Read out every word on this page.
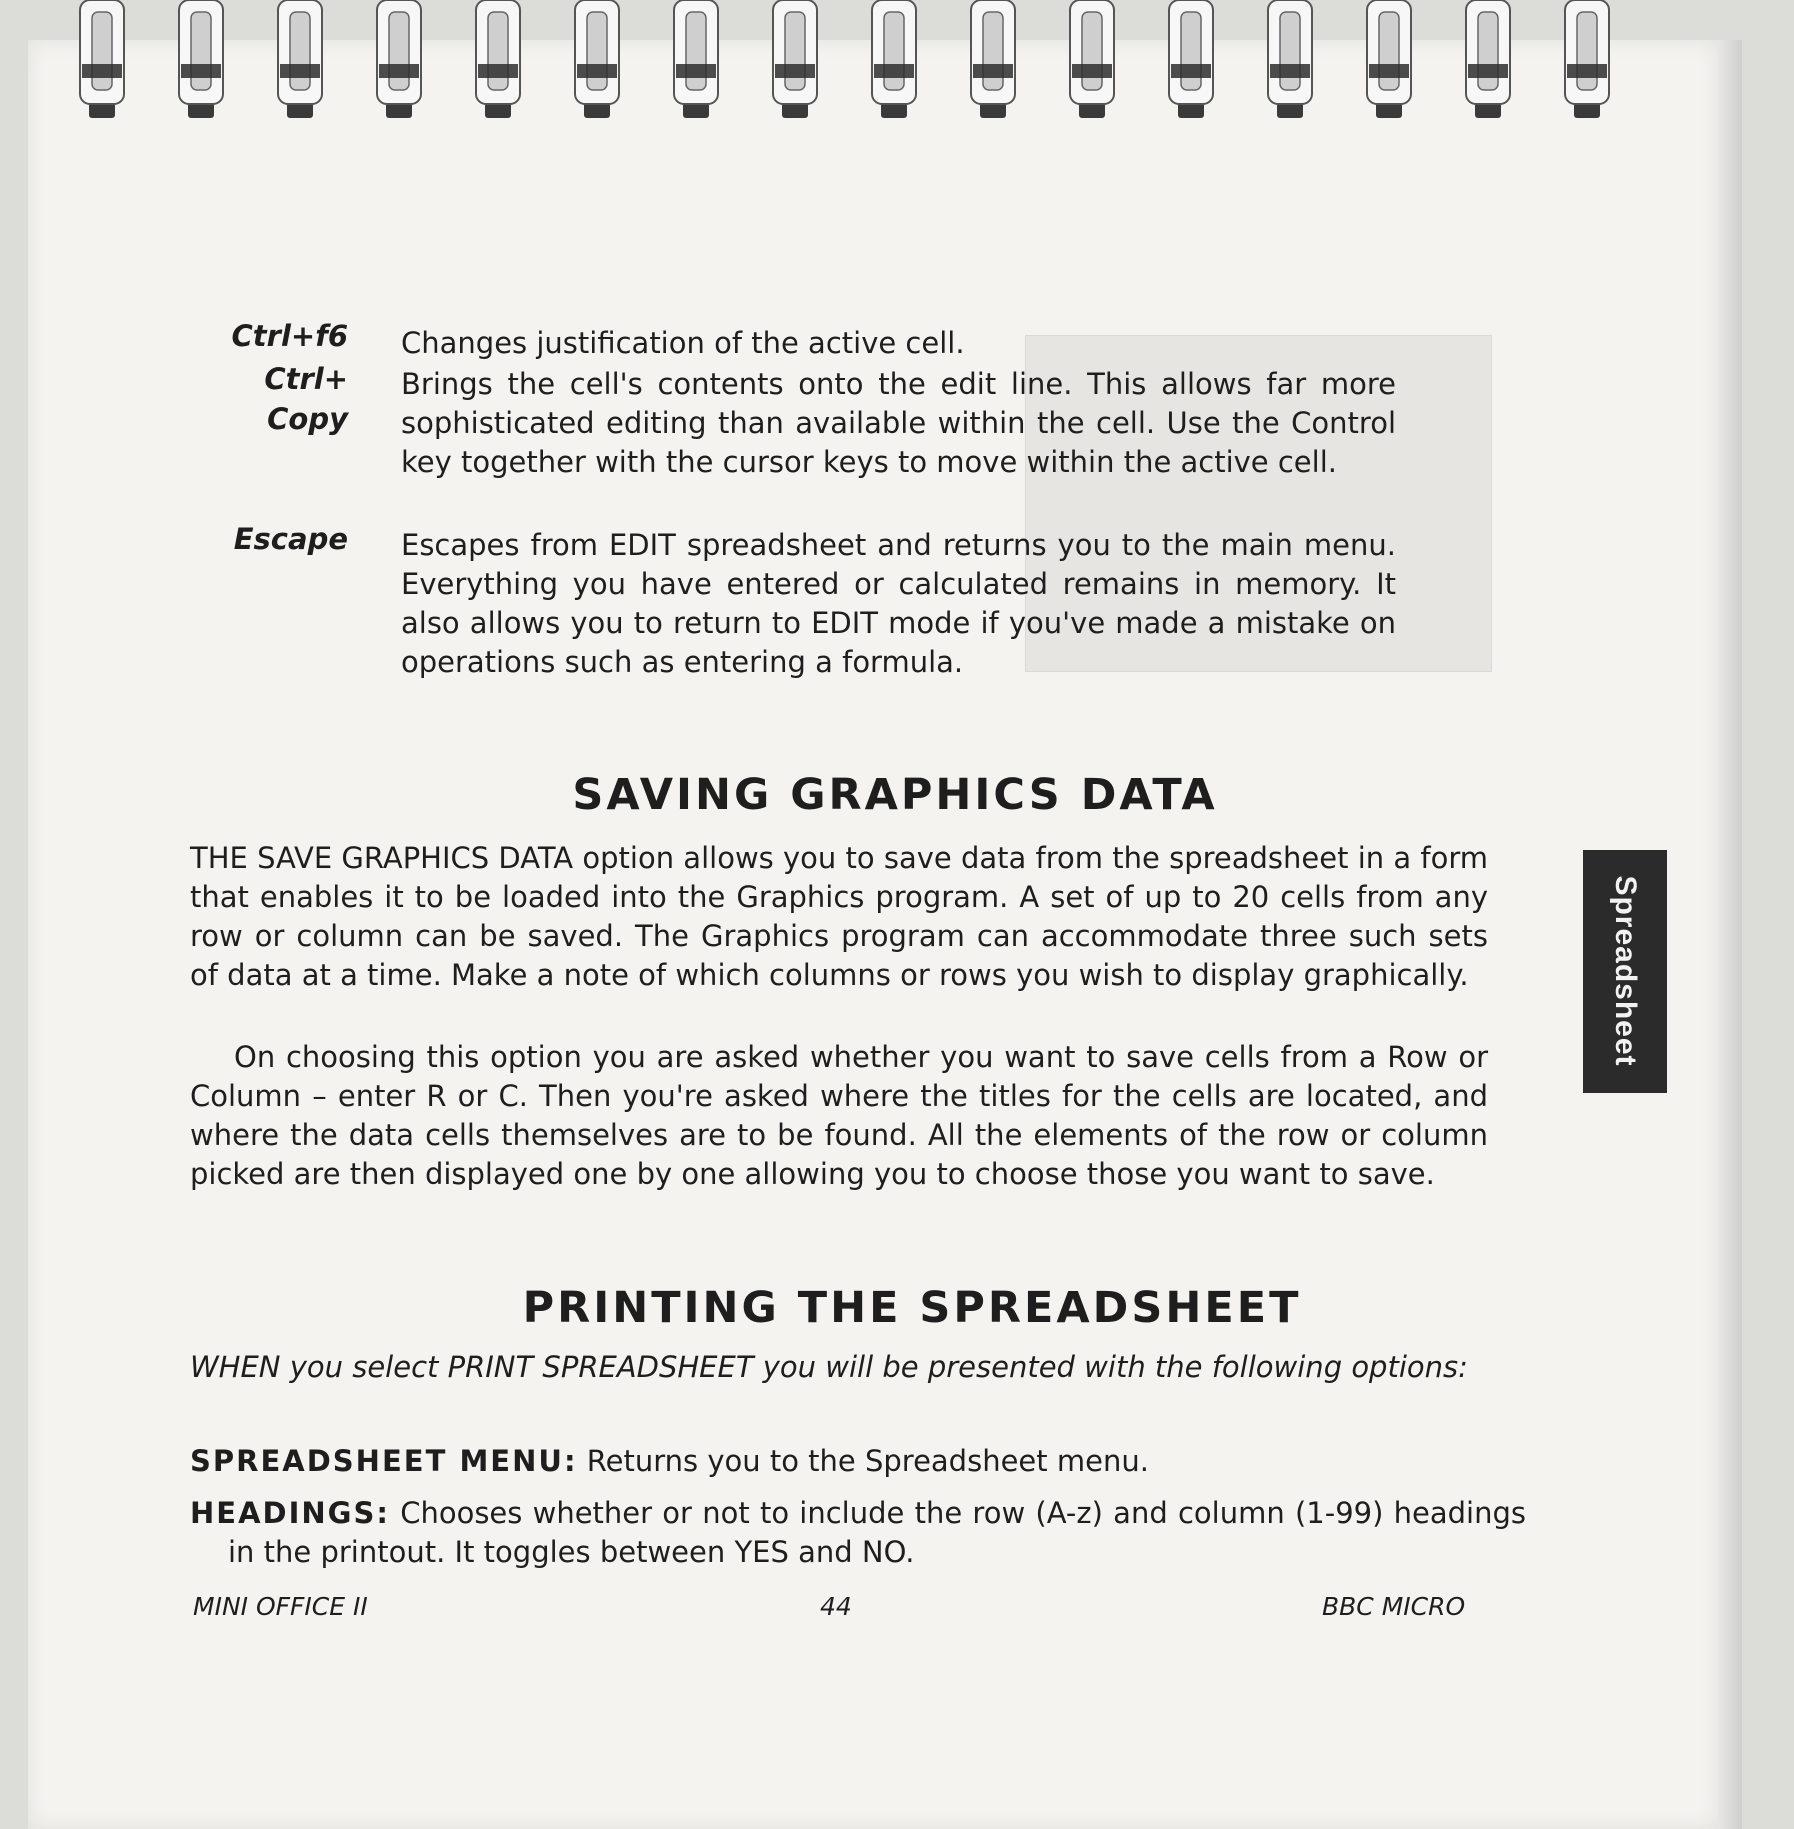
Ctrl+f6 Changes justification of the active cell.
Ctrl+
Copy
Brings the cell's contents onto the edit line. This allows far more sophisticated editing than available within the cell. Use the Control key together with the cursor keys to move within the active cell.
Escape Escapes from EDIT spreadsheet and returns you to the main menu. Everything you have entered or calculated remains in memory. It also allows you to return to EDIT mode if you've made a mistake on operations such as entering a formula.
SAVING GRAPHICS DATA
THE SAVE GRAPHICS DATA option allows you to save data from the spreadsheet in a form that enables it to be loaded into the Graphics program. A set of up to 20 cells from any row or column can be saved. The Graphics program can accommodate three such sets of data at a time. Make a note of which columns or rows you wish to display graphically.
On choosing this option you are asked whether you want to save cells from a Row or Column – enter R or C. Then you're asked where the titles for the cells are located, and where the data cells themselves are to be found. All the elements of the row or column picked are then displayed one by one allowing you to choose those you want to save.
PRINTING THE SPREADSHEET
WHEN you select PRINT SPREADSHEET you will be presented with the following options:
SPREADSHEET MENU: Returns you to the Spreadsheet menu.
HEADINGS: Chooses whether or not to include the row (A-z) and column (1-99) headings in the printout. It toggles between YES and NO.
MINI OFFICE II	44	BBC MICRO
Spreadsheet
